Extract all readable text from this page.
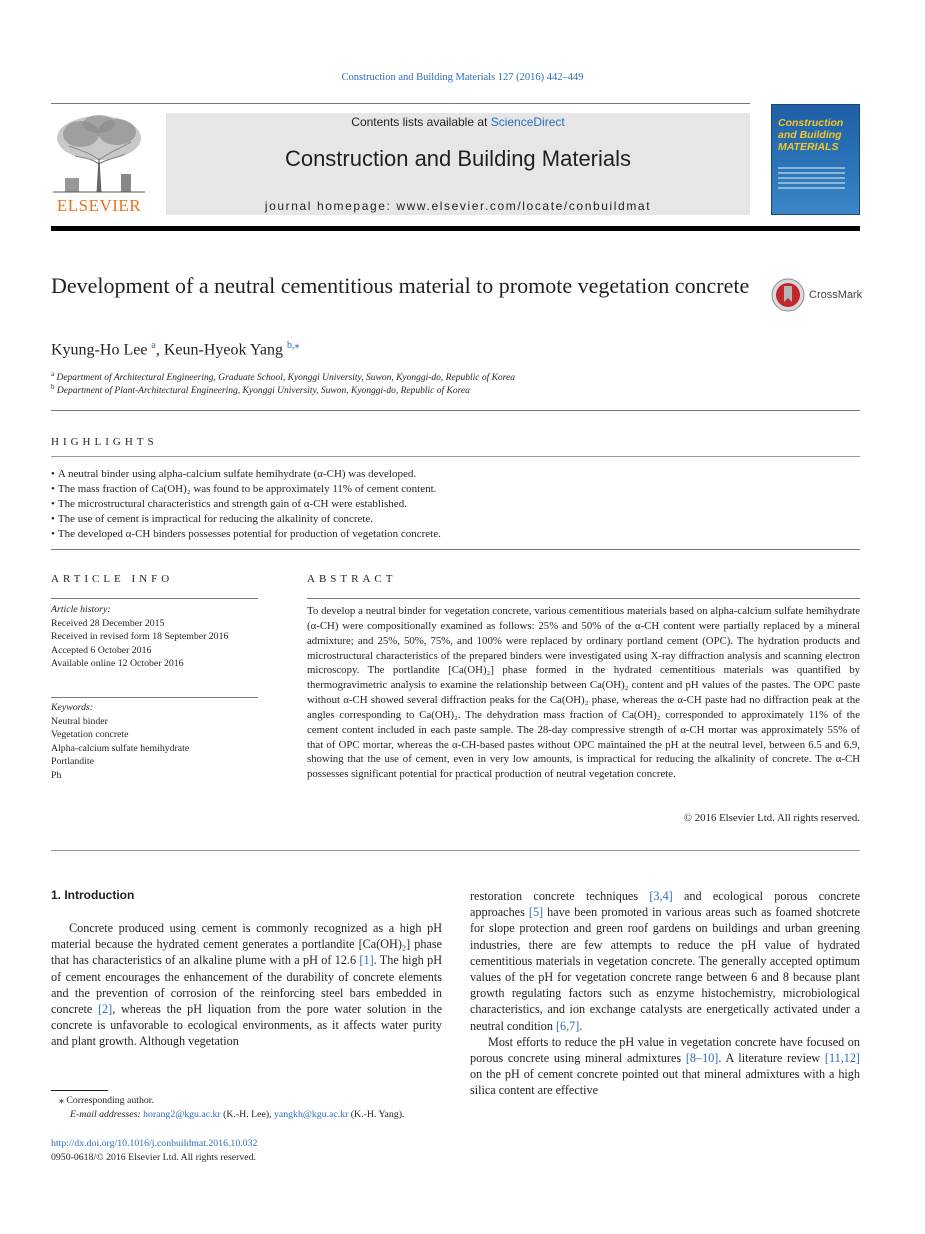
Construction and Building Materials 127 (2016) 442–449
ELSEVIER
Contents lists available at ScienceDirect
Construction and Building Materials
journal homepage: www.elsevier.com/locate/conbuildmat
Construction and Building MATERIALS
Development of a neutral cementitious material to promote vegetation concrete	CrossMark
Kyung-Ho Lee $^a$, Keun-Hyeok Yang $^{b,⁎}$
$^a$ Department of Architectural Engineering, Graduate School, Kyonggi University, Suwon, Kyonggi-do, Republic of Korea
$^b$ Department of Plant-Architectural Engineering, Kyonggi University, Suwon, Kyonggi-do, Republic of Korea
HIGHLIGHTS
• A neutral binder using alpha-calcium sulfate hemihydrate (α-CH) was developed.
• The mass fraction of Ca(OH)₂ was found to be approximately 11% of cement content.
• The microstructural characteristics and strength gain of α-CH were established.
• The use of cement is impractical for reducing the alkalinity of concrete.
• The developed α-CH binders possesses potential for production of vegetation concrete.
ARTICLE INFO
Article history:
Received 28 December 2015
Received in revised form 18 September 2016
Accepted 6 October 2016
Available online 12 October 2016
Keywords:
Neutral binder
Vegetation concrete
Alpha-calcium sulfate hemihydrate
Portlandite
Ph
ABSTRACT

To develop a neutral binder for vegetation concrete, various cementitious materials based on alpha-calcium sulfate hemihydrate (α-CH) were compositionally examined as follows: 25% and 50% of the α-CH content were partially replaced by a mineral admixture; and 25%, 50%, 75%, and 100% were replaced by ordinary portland cement (OPC). The hydration products and microstructural characteristics of the prepared binders were investigated using X-ray diffraction analysis and scanning electron microscopy. The portlandite [Ca(OH)₂] phase formed in the hydrated cementitious materials was quantified by thermogravimetric analysis to examine the relationship between Ca(OH)₂ content and pH values of the pastes. The OPC paste without α-CH showed several diffraction peaks for the Ca(OH)₂ phase, whereas the α-CH paste had no diffraction peak at the angles corresponding to Ca(OH)₂. The dehydration mass fraction of Ca(OH)₂ corresponded to approximately 11% of the cement content included in each paste sample. The 28-day compressive strength of α-CH mortar was approximately 55% of that of OPC mortar, whereas the α-CH-based pastes without OPC maintained the pH at the neutral level, between 6.5 and 6.9, showing that the use of cement, even in very low amounts, is impractical for reducing the alkalinity of concrete. The α-CH possesses significant potential for practical production of neutral vegetation concrete.

© 2016 Elsevier Ltd. All rights reserved.
1. Introduction

Concrete produced using cement is commonly recognized as a high pH material because the hydrated cement generates a portlandite [Ca(OH)₂] phase that has characteristics of an alkaline plume with a pH of 12.6 [1]. The high pH of cement encourages the enhancement of the durability of concrete elements and the prevention of corrosion of the reinforcing steel bars embedded in concrete [2], whereas the pH liquation from the pore water solution in the concrete is unfavorable to ecological environments, as it affects water purity and plant growth. Although vegetation

restoration concrete techniques [3,4] and ecological porous concrete approaches [5] have been promoted in various areas such as foamed shotcrete for slope protection and green roof gardens on buildings and urban greening industries, there are few attempts to reduce the pH value of hydrated cementitious materials in vegetation concrete. The generally accepted optimum values of the pH for vegetation concrete range between 6 and 8 because plant growth regulating factors such as enzyme histochemistry, microbiological characteristics, and ion exchange catalysts are energetically activated under a neutral condition [6,7].

Most efforts to reduce the pH value in vegetation concrete have focused on porous concrete using mineral admixtures [8–10]. A literature review [11,12] on the pH of cement concrete pointed out that mineral admixtures with a high silica content are effective

⁎ Corresponding author.
E-mail addresses: horang2@kgu.ac.kr (K.-H. Lee), yangkh@kgu.ac.kr (K.-H. Yang).
http://dx.doi.org/10.1016/j.conbuildmat.2016.10.032
0950-0618/© 2016 Elsevier Ltd. All rights reserved.
